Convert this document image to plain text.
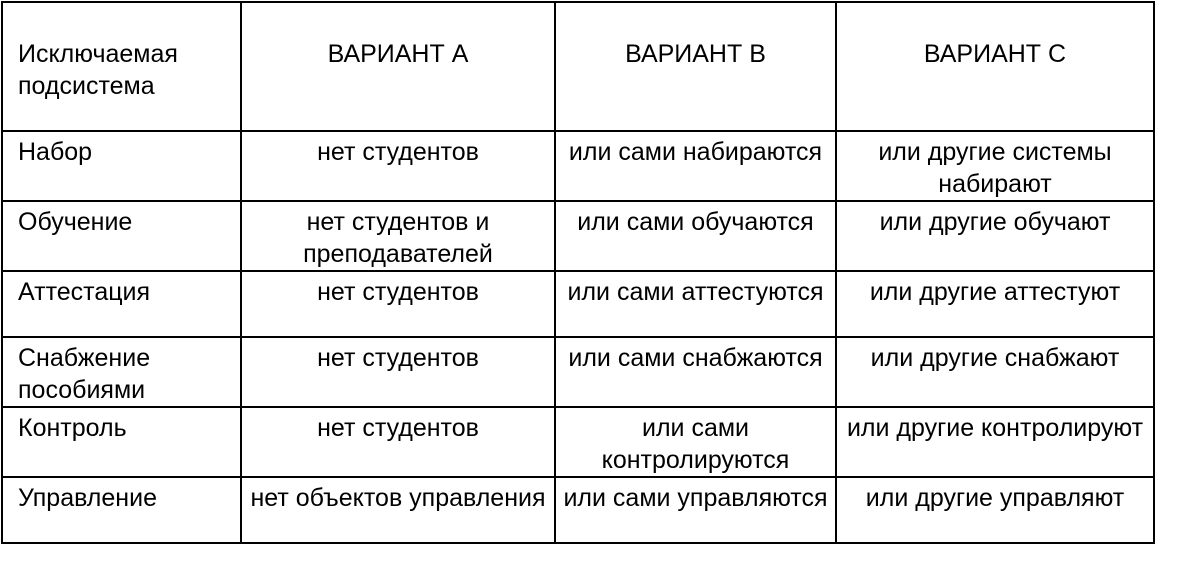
Исключаемая подсистема	ВАРИАНТ А	ВАРИАНТ В	ВАРИАНТ С

Набор	нет студентов	или сами набираются	или другие системы набирают

Обучение	нет студентов и преподавателей	или сами обучаются	или другие обучают

Аттестация	нет студентов	или сами аттестуются	или другие аттестуют

Снабжение пособиями	нет студентов	или сами снабжаются	или другие снабжают

Контроль	нет студентов	или сами контролируются	или другие контролируют

Управление	нет объектов управления	или сами управляются	или другие управляют
